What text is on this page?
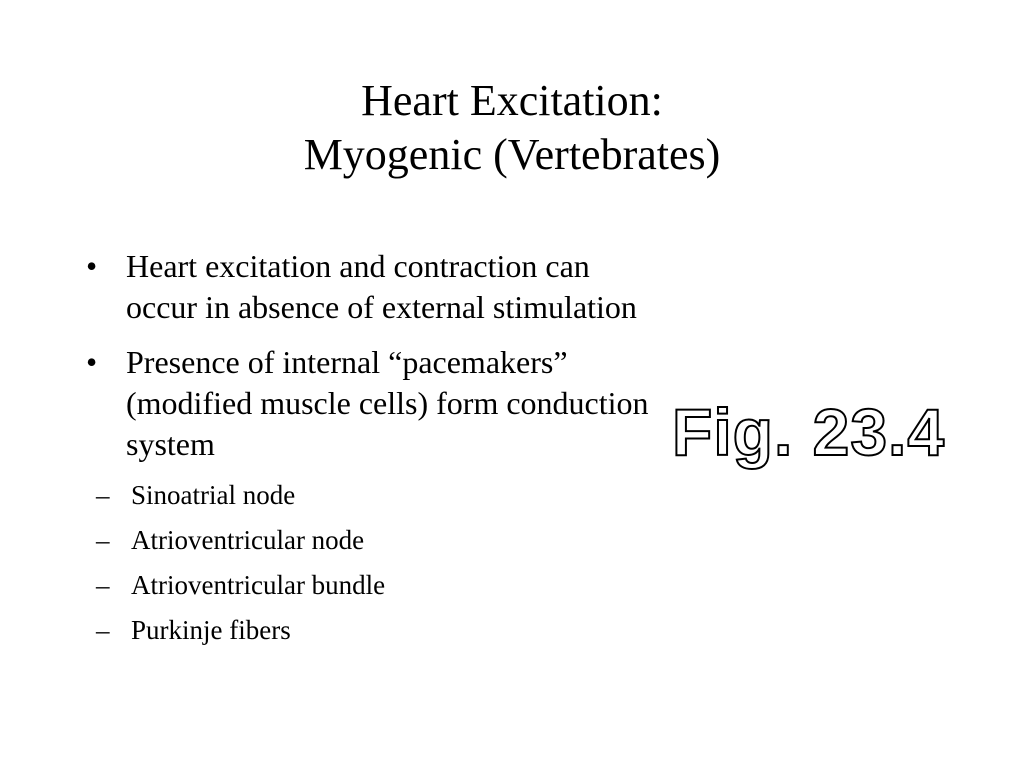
Heart Excitation:
Myogenic (Vertebrates)
• Heart excitation and contraction can occur in absence of external stimulation
• Presence of internal “pacemakers” (modified muscle cells) form conduction system
– Sinoatrial node
– Atrioventricular node
– Atrioventricular bundle
– Purkinje fibers
Fig. 23.4
